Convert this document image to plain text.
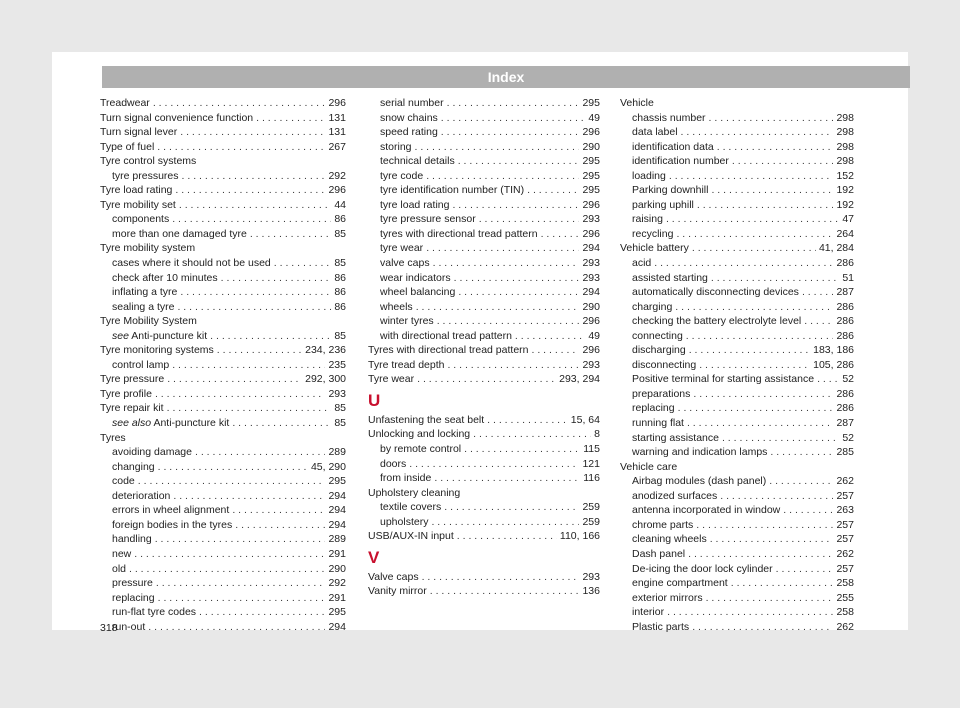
Index
Treadwear . . .	296
Turn signal convenience function . . .	131
Turn signal lever . . .	131
Type of fuel . . .	267
Tyre control systems
tyre pressures . . .	292
Tyre load rating . . .	296
Tyre mobility set . . .	44
components . . .	86
more than one damaged tyre . . .	85
Tyre mobility system
cases where it should not be used . . .	85
check after 10 minutes . . .	86
inflating a tyre . . .	86
sealing a tyre . . .	86
Tyre Mobility System
see Anti-puncture kit . . .	85
Tyre monitoring systems . . .	234, 236
control lamp . . .	235
Tyre pressure . . .	292, 300
Tyre profile . . .	293
Tyre repair kit . . .	85
see also Anti-puncture kit . . .	85
Tyres
avoiding damage . . .	289
changing . . .	45, 290
code . . .	295
deterioration . . .	294
errors in wheel alignment . . .	294
foreign bodies in the tyres . . .	294
handling . . .	289
new . . .	291
old . . .	290
pressure . . .	292
replacing . . .	291
run-flat tyre codes . . .	295
run-out . . .	294
serial number . . .	295
snow chains . . .	49
speed rating . . .	296
storing . . .	290
technical details . . .	295
tyre code . . .	295
tyre identification number (TIN) . . .	295
tyre load rating . . .	296
tyre pressure sensor . . .	293
tyres with directional tread pattern . . .	296
tyre wear . . .	294
valve caps . . .	293
wear indicators . . .	293
wheel balancing . . .	294
wheels . . .	290
winter tyres . . .	296
with directional tread pattern . . .	49
Tyres with directional tread pattern . . .	296
Tyre tread depth . . .	293
Tyre wear . . .	293, 294
U
Unfastening the seat belt . . .	15, 64
Unlocking and locking . . .	8
by remote control . . .	115
doors . . .	121
from inside . . .	116
Upholstery cleaning
textile covers . . .	259
upholstery . . .	259
USB/AUX-IN input . . .	110, 166
V
Valve caps . . .	293
Vanity mirror . . .	136
Vehicle
chassis number . . .	298
data label . . .	298
identification data . . .	298
identification number . . .	298
loading . . .	152
Parking downhill . . .	192
parking uphill . . .	192
raising . . .	47
recycling . . .	264
Vehicle battery . . .	41, 284
acid . . .	286
assisted starting . . .	51
automatically disconnecting devices . . .	287
charging . . .	286
checking the battery electrolyte level . . .	286
connecting . . .	286
discharging . . .	183, 186
disconnecting . . .	105, 286
Positive terminal for starting assistance . . .	52
preparations . . .	286
replacing . . .	286
running flat . . .	287
starting assistance . . .	52
warning and indication lamps . . .	285
Vehicle care
Airbag modules (dash panel) . . .	262
anodized surfaces . . .	257
antenna incorporated in window . . .	263
chrome parts . . .	257
cleaning wheels . . .	257
Dash panel . . .	262
De-icing the door lock cylinder . . .	257
engine compartment . . .	258
exterior mirrors . . .	255
interior . . .	258
Plastic parts . . .	262
318
